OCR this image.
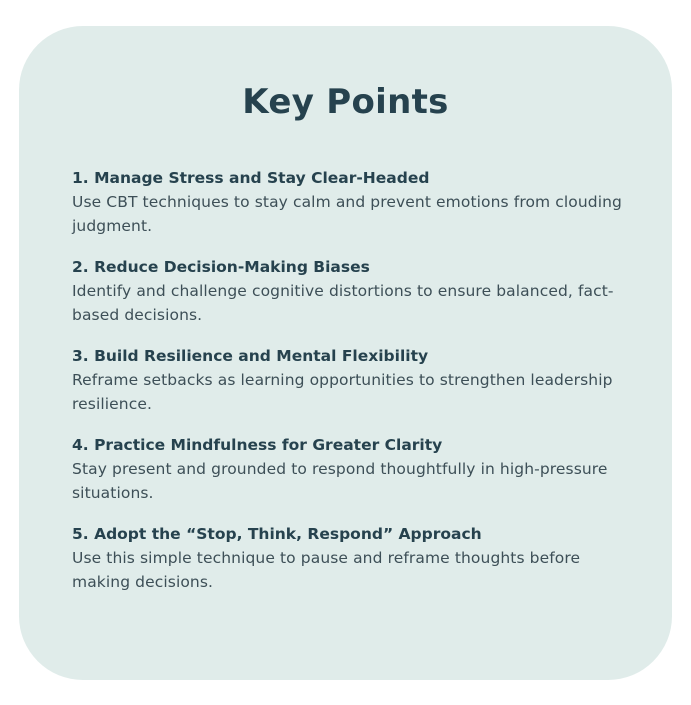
Key Points
1. Manage Stress and Stay Clear-Headed
Use CBT techniques to stay calm and prevent emotions from clouding judgment.
2. Reduce Decision-Making Biases
Identify and challenge cognitive distortions to ensure balanced, fact-based decisions.
3. Build Resilience and Mental Flexibility
Reframe setbacks as learning opportunities to strengthen leadership resilience.
4. Practice Mindfulness for Greater Clarity
Stay present and grounded to respond thoughtfully in high-pressure situations.
5. Adopt the “Stop, Think, Respond” Approach
Use this simple technique to pause and reframe thoughts before making decisions.
